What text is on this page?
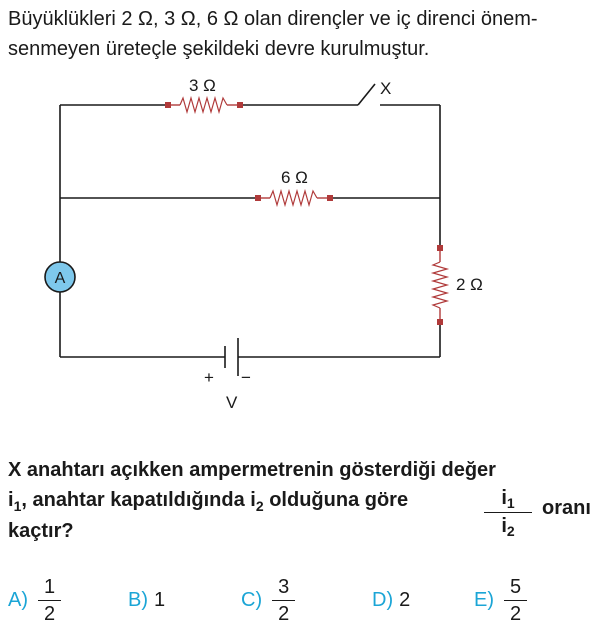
Büyüklükleri 2 Ω, 3 Ω, 6 Ω olan dirençler ve iç direnci önem-
senmeyen üreteçle şekildeki devre kurulmuştur.

X
3 Ω
6 Ω
2 Ω
A
+ −
V

X anahtarı açıkken ampermetrenin gösterdiği değer
$i_1$, anahtar kapatıldığında $i_2$ olduğuna göre
kaçtır?	$\frac{i_1}{i_2}$ oranı
$A) \frac{1}{2}$	B) 1	$C) \frac{3}{2}$	D) 2	$E) \frac{5}{2}$
